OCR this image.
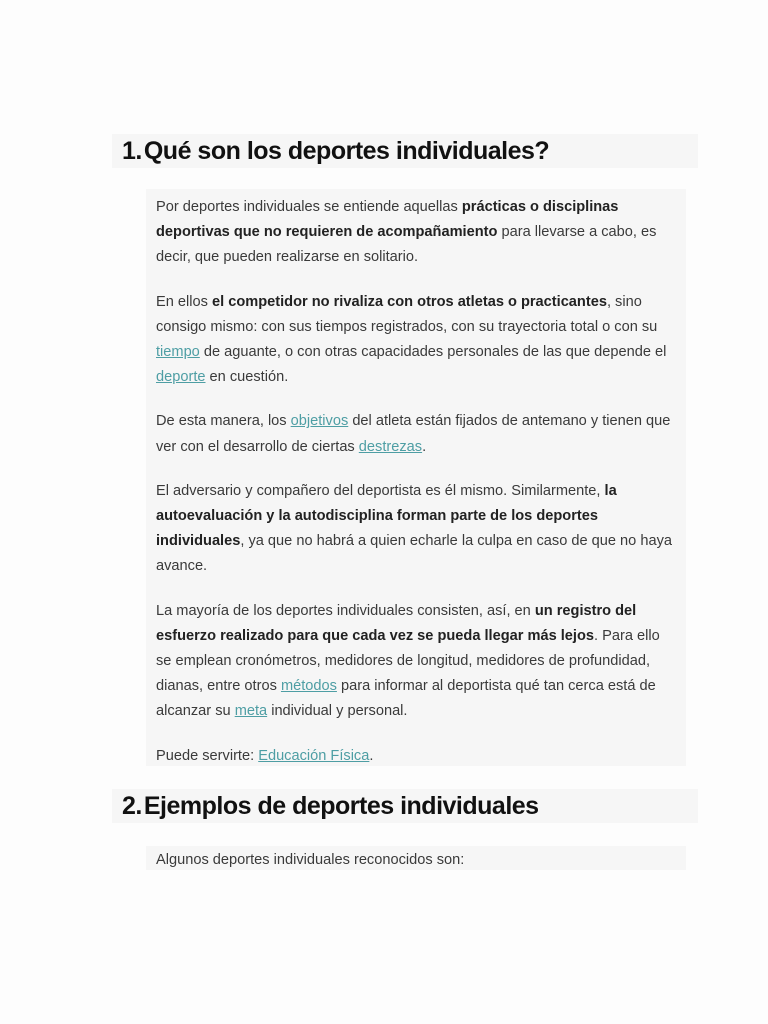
1. Qué son los deportes individuales?

Por deportes individuales se entiende aquellas prácticas o disciplinas deportivas que no requieren de acompañamiento para llevarse a cabo, es decir, que pueden realizarse en solitario.

En ellos el competidor no rivaliza con otros atletas o practicantes, sino consigo mismo: con sus tiempos registrados, con su trayectoria total o con su tiempo de aguante, o con otras capacidades personales de las que depende el deporte en cuestión.

De esta manera, los objetivos del atleta están fijados de antemano y tienen que ver con el desarrollo de ciertas destrezas.

El adversario y compañero del deportista es él mismo. Similarmente, la autoevaluación y la autodisciplina forman parte de los deportes individuales, ya que no habrá a quien echarle la culpa en caso de que no haya avance.

La mayoría de los deportes individuales consisten, así, en un registro del esfuerzo realizado para que cada vez se pueda llegar más lejos. Para ello se emplean cronómetros, medidores de longitud, medidores de profundidad, dianas, entre otros métodos para informar al deportista qué tan cerca está de alcanzar su meta individual y personal.

Puede servirte: Educación Física.

2. Ejemplos de deportes individuales
Algunos deportes individuales reconocidos son:
